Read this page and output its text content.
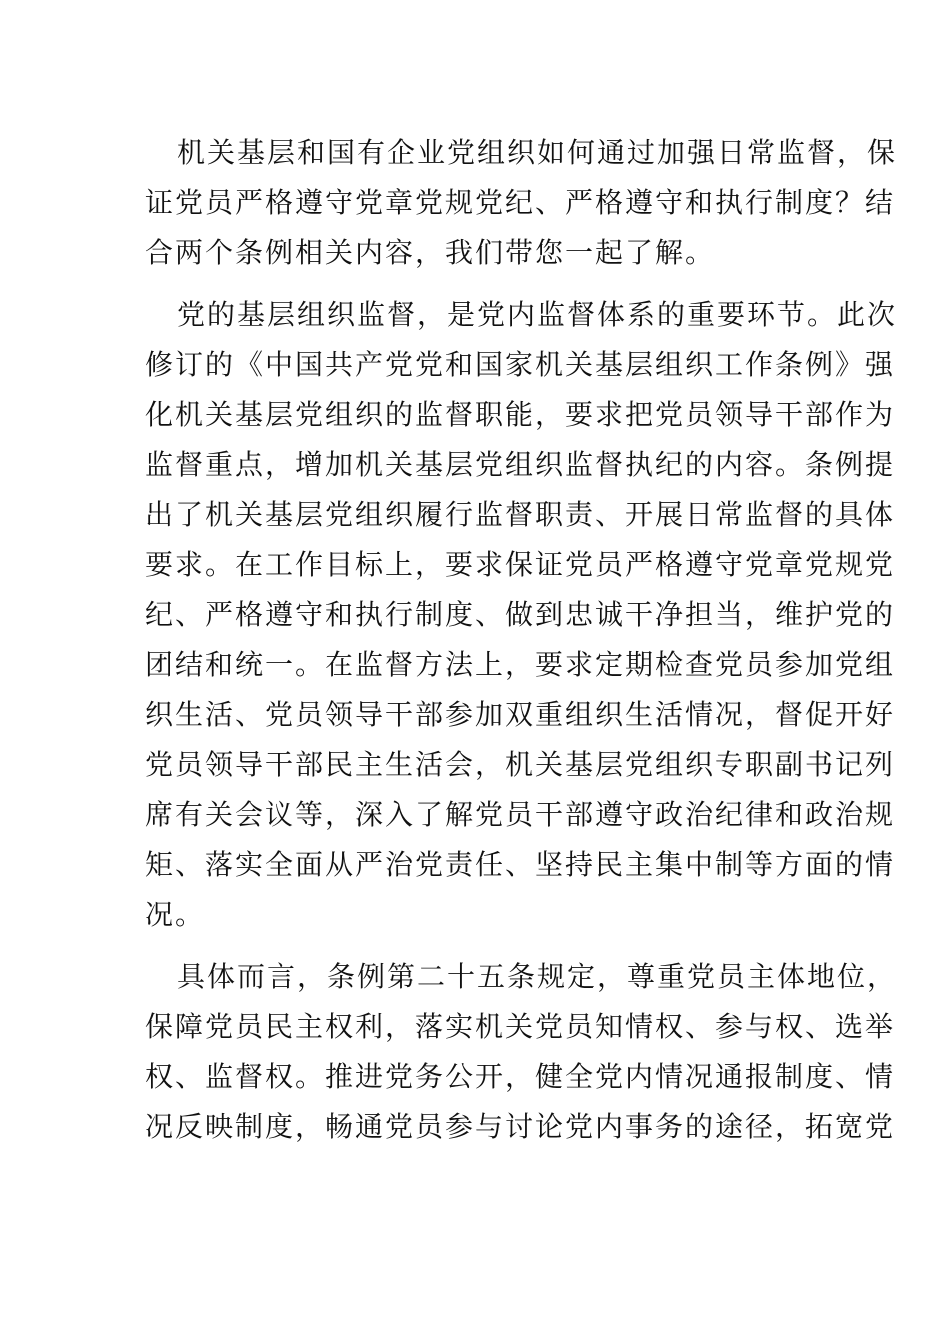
机关基层和国有企业党组织如何通过加强日常监督，保
证党员严格遵守党章党规党纪、严格遵守和执行制度？结
合两个条例相关内容，我们带您一起了解。
党的基层组织监督，是党内监督体系的重要环节。此次
修订的《中国共产党党和国家机关基层组织工作条例》强
化机关基层党组织的监督职能，要求把党员领导干部作为
监督重点，增加机关基层党组织监督执纪的内容。条例提
出了机关基层党组织履行监督职责、开展日常监督的具体
要求。在工作目标上，要求保证党员严格遵守党章党规党
纪、严格遵守和执行制度、做到忠诚干净担当，维护党的
团结和统一。在监督方法上，要求定期检查党员参加党组
织生活、党员领导干部参加双重组织生活情况，督促开好
党员领导干部民主生活会，机关基层党组织专职副书记列
席有关会议等，深入了解党员干部遵守政治纪律和政治规
矩、落实全面从严治党责任、坚持民主集中制等方面的情
况。
具体而言，条例第二十五条规定，尊重党员主体地位，
保障党员民主权利，落实机关党员知情权、参与权、选举
权、监督权。推进党务公开，健全党内情况通报制度、情
况反映制度，畅通党员参与讨论党内事务的途径，拓宽党
